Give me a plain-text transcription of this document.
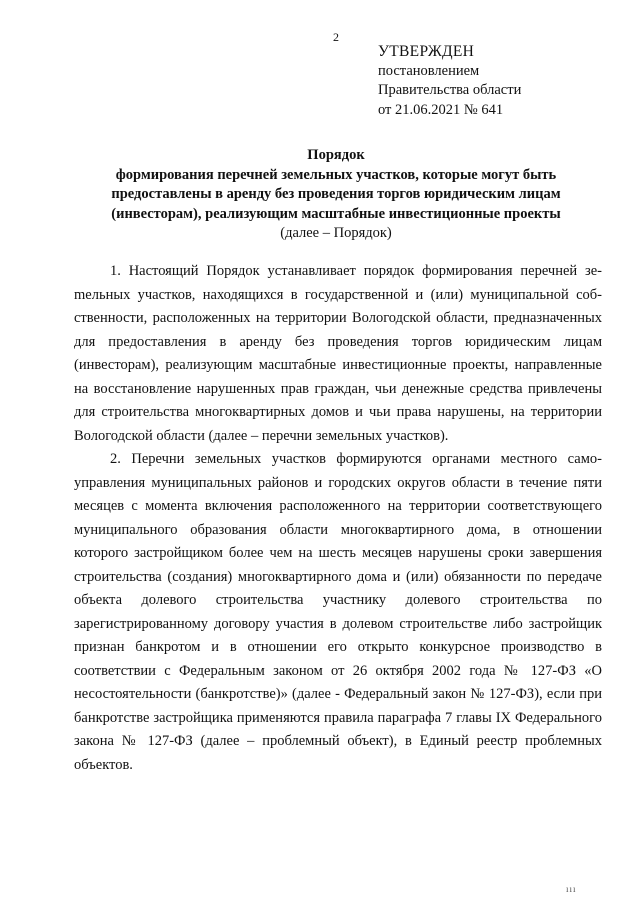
2
УТВЕРЖДЕН
постановлением
Правительства области
от 21.06.2021 № 641
Порядок
формирования перечней земельных участков, которые могут быть
предоставлены в аренду без проведения торгов юридическим лицам
(инвесторам), реализующим масштабные инвестиционные проекты
(далее – Порядок)

1. Настоящий Порядок устанавливает порядок формирования перечней зеmельных участков, находящихся в государственной и (или) муниципальной собственности, расположенных на территории Вологодской области, предназначенных для предоставления в аренду без проведения торгов юридическим лицам (инвесторам), реализующим масштабные инвестиционные проекты, направленные на восстановление нарушенных прав граждан, чьи денежные средства привлечены для строительства многоквартирных домов и чьи права нарушены, на территории Вологодской области (далее – перечни земельных участков).

2. Перечни земельных участков формируются органами местного самоуправления муниципальных районов и городских округов области в течение пяти месяцев с момента включения расположенного на территории соответствующего муниципального образования области многоквартирного дома, в отношении которого застройщиком более чем на шесть месяцев нарушены сроки завершения строительства (создания) многоквартирного дома и (или) обязанности по передаче объекта долевого строительства участнику долевого строительства по зарегистрированному договору участия в долевом строительстве либо застройщик признан банкротом и в отношении его открыто конкурсное производство в соответствии с Федеральным законом от 26 октября 2002 года № 127-ФЗ «О несостоятельности (банкротстве)» (далее - Федеральный закон № 127-ФЗ), если при банкротстве застройщика применяются правила параграфа 7 главы IX Федерального закона № 127-ФЗ (далее – проблемный объект), в Единый реестр проблемных объектов.

ııı
